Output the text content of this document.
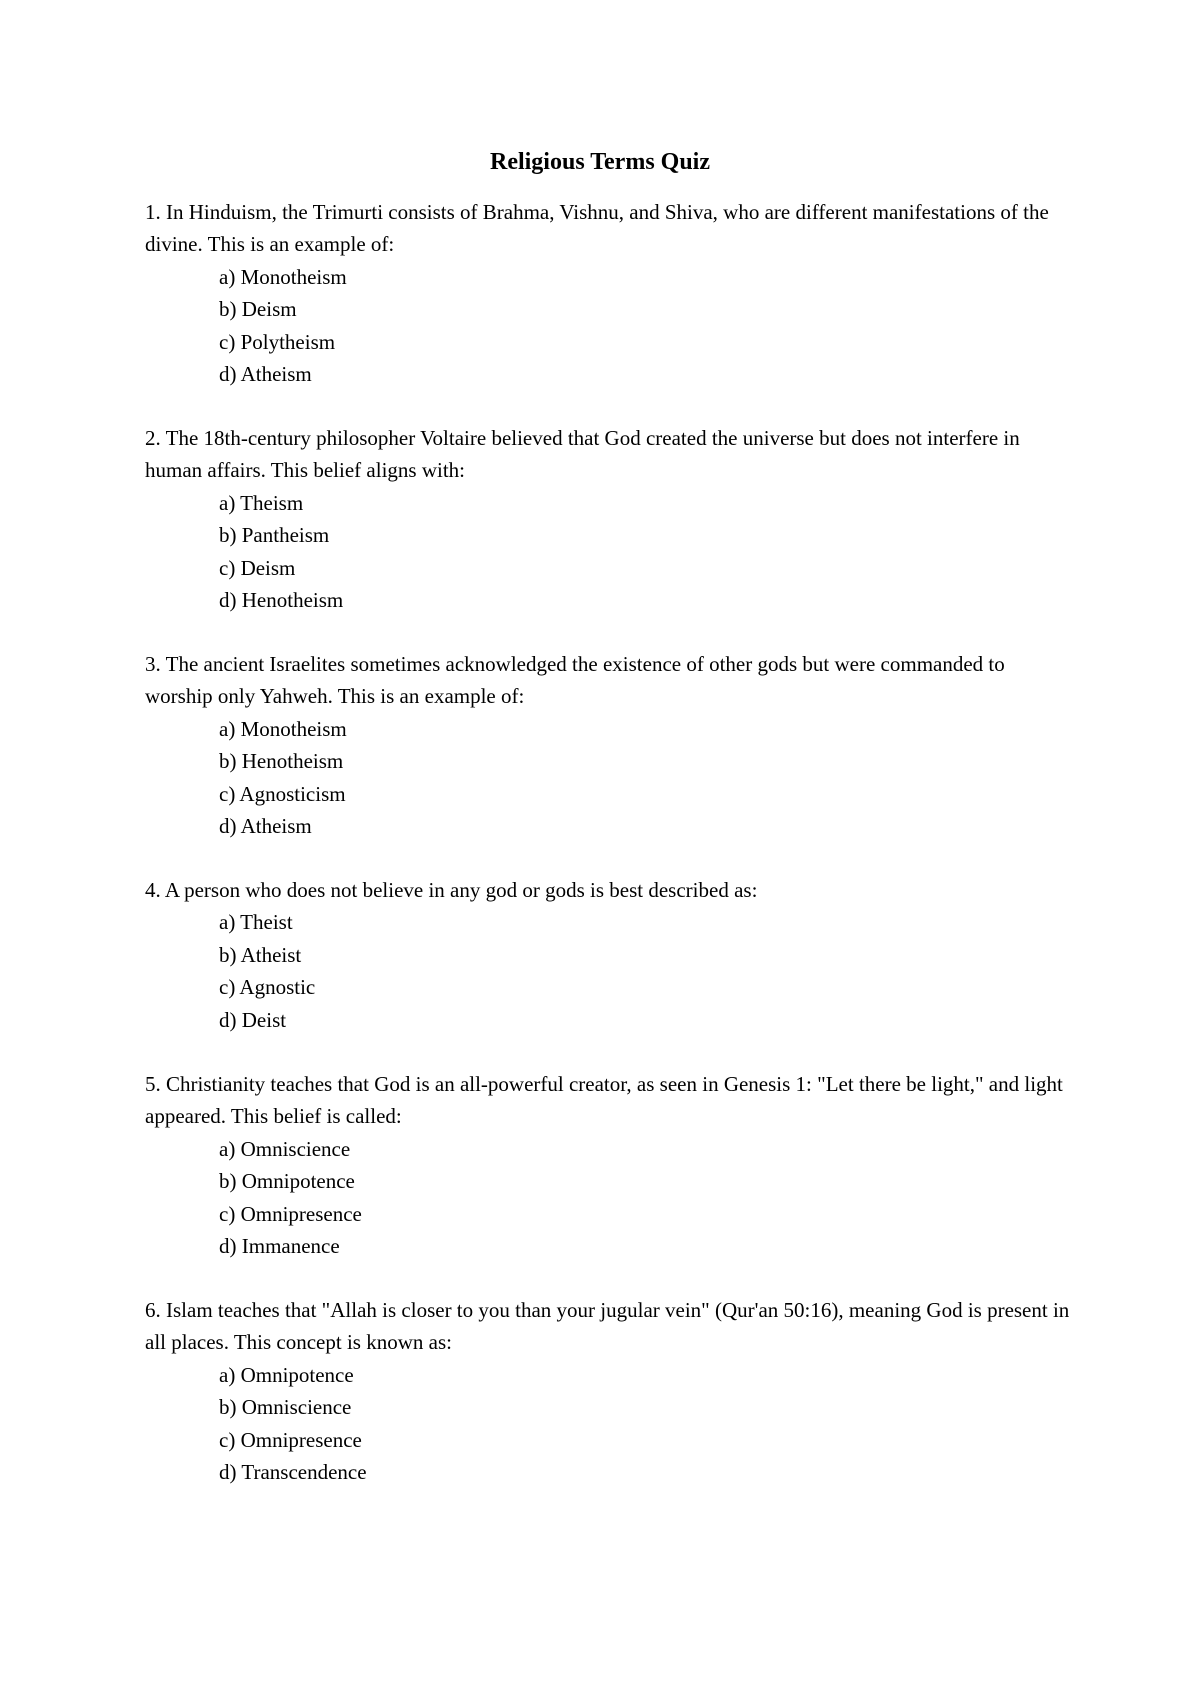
Religious Terms Quiz

1. In Hinduism, the Trimurti consists of Brahma, Vishnu, and Shiva, who are different manifestations of the divine. This is an example of:

a) Monotheism
b) Deism
c) Polytheism
d) Atheism

2. The 18th-century philosopher Voltaire believed that God created the universe but does not interfere in human affairs. This belief aligns with:

a) Theism
b) Pantheism
c) Deism
d) Henotheism

3. The ancient Israelites sometimes acknowledged the existence of other gods but were commanded to worship only Yahweh. This is an example of:

a) Monotheism
b) Henotheism
c) Agnosticism
d) Atheism

4. A person who does not believe in any god or gods is best described as:

a) Theist
b) Atheist
c) Agnostic
d) Deist

5. Christianity teaches that God is an all-powerful creator, as seen in Genesis 1: "Let there be light," and light appeared. This belief is called:

a) Omniscience
b) Omnipotence
c) Omnipresence
d) Immanence

6. Islam teaches that "Allah is closer to you than your jugular vein" (Qur'an 50:16), meaning God is present in all places. This concept is known as:

a) Omnipotence
b) Omniscience
c) Omnipresence
d) Transcendence
